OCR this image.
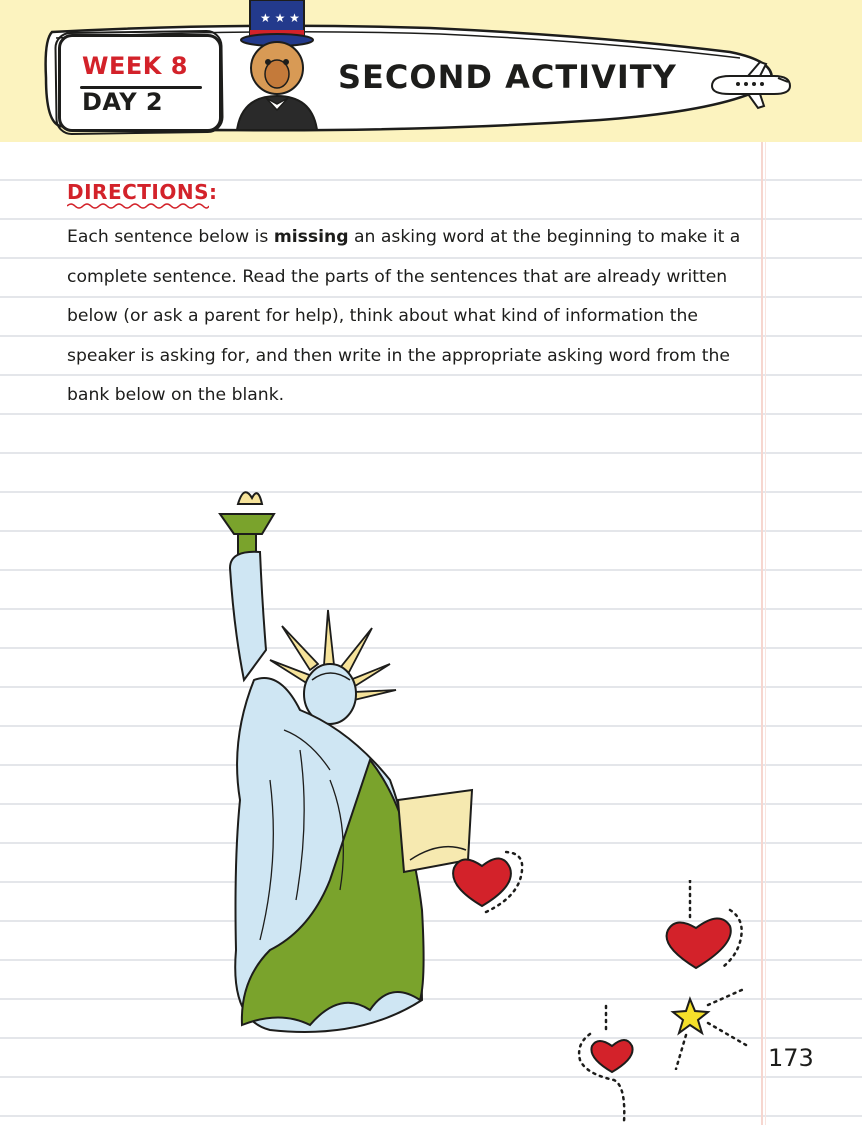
WEEK 8
DAY 2
★ ★ ★
SECOND ACTIVITY
DIRECTIONS:

Each sentence below is missing an asking word at the beginning to make it a complete sentence. Read the parts of the sentences that are already written below (or ask a parent for help), think about what kind of information the speaker is asking for, and then write in the appropriate asking word from the bank below on the blank.

173
